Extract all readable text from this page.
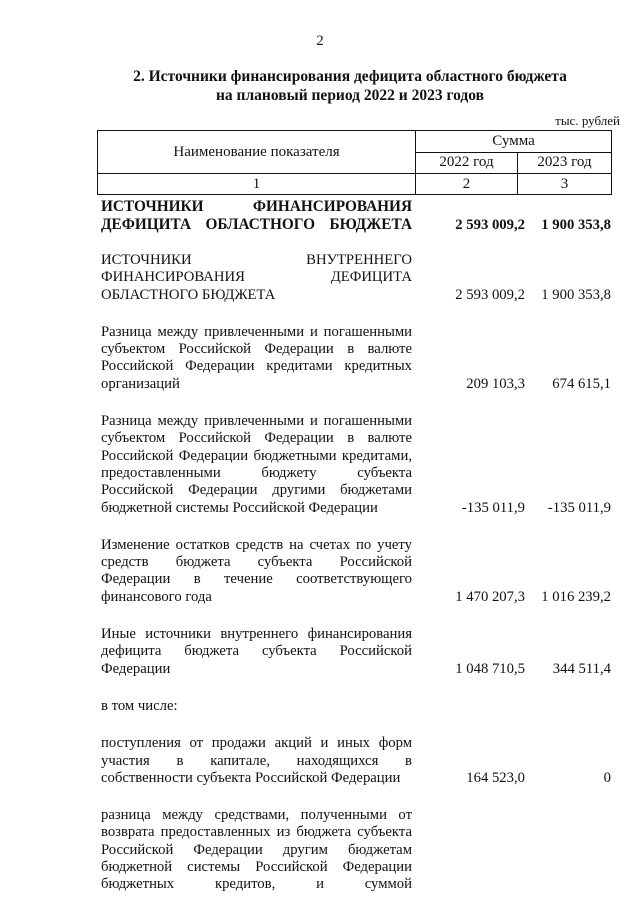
2
2. Источники финансирования дефицита областного бюджета
на плановый период 2022 и 2023 годов
тыс. рублей
Наименование показателя	Сумма	
	2022 год	2023 год
1	2	3
ИСТОЧНИКИ ФИНАНСИРОВАНИЯ ДЕФИЦИТА ОБЛАСТНОГО БЮДЖЕТА	2 593 009,2	1 900 353,8
ИСТОЧНИКИ ВНУТРЕННЕГО ФИНАНСИРОВАНИЯ ДЕФИЦИТА ОБЛАСТНОГО БЮДЖЕТА	2 593 009,2	1 900 353,8
Разница между привлеченными и погашенными субъектом Российской Федерации в валюте Российской Федерации кредитами кредитных организаций	209 103,3	674 615,1
Разница между привлеченными и погашенными субъектом Российской Федерации в валюте Российской Федерации бюджетными кредитами, предоставленными бюджету субъекта Российской Федерации другими бюджетами бюджетной системы Российской Федерации	-135 011,9	-135 011,9
Изменение остатков средств на счетах по учету средств бюджета субъекта Российской Федерации в течение соответствующего финансового года	1 470 207,3	1 016 239,2
Иные источники внутреннего финансирования дефицита бюджета субъекта Российской Федерации	1 048 710,5	344 511,4
в том числе:
поступления от продажи акций и иных форм участия в капитале, находящихся в собственности субъекта Российской Федерации	164 523,0	0
разница между средствами, полученными от возврата предоставленных из бюджета субъекта Российской Федерации другим бюджетам бюджетной системы Российской Федерации бюджетных кредитов, и суммой
